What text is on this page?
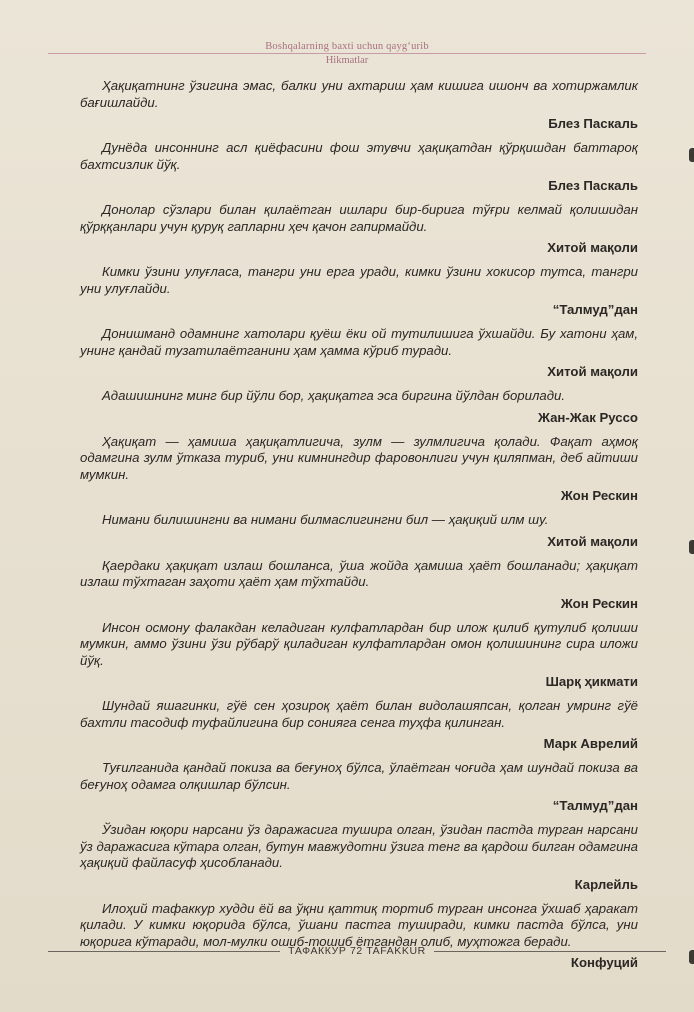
Boshqalarning baxti uchun qayg‘urib
Hikmatlar
Ҳақиқатнинг ўзигина эмас, балки уни ахтариш ҳам кишига ишонч ва хотиржамлик бағишлайди.
Блез Паскаль
Дунёда инсоннинг асл қиёфасини фош этувчи ҳақиқатдан қўрқишдан баттароқ бахтсизлик йўқ.
Блез Паскаль
Донолар сўзлари билан қилаётган ишлари бир-бирига тўғри келмай қолишидан қўрққанлари учун қуруқ гапларни ҳеч қачон гапирмайди.
Хитой мақоли
Кимки ўзини улуғласа, тангри уни ерга уради, кимки ўзини хокисор тутса, тангри уни улуғлайди.
“Талмуд”дан
Донишманд одамнинг хатолари қуёш ёки ой тутилишига ўхшайди. Бу хатони ҳам, унинг қандай тузатилаётганини ҳам ҳамма кўриб туради.
Хитой мақоли
Адашишнинг минг бир йўли бор, ҳақиқатга эса биргина йўлдан борилади.
Жан-Жак Руссо
Ҳақиқат — ҳамиша ҳақиқатлигича, зулм — зулмлигича қолади. Фақат аҳмоқ одамгина зулм ўтказа туриб, уни кимнингдир фаровонлиги учун қиляпман, деб айтиши мумкин.
Жон Рескин
Нимани билишингни ва нимани билмаслигингни бил — ҳақиқий илм шу.
Хитой мақоли
Қаердаки ҳақиқат излаш бошланса, ўша жойда ҳамиша ҳаёт бошланади; ҳақиқат излаш тўхтаган заҳоти ҳаёт ҳам тўхтайди.
Жон Рескин
Инсон осмону фалакдан келадиган кулфатлардан бир илож қилиб қутулиб қолиши мумкин, аммо ўзини ўзи рўбарў қиладиган кулфатлардан омон қолишининг сира иложи йўқ.
Шарқ ҳикмати
Шундай яшагинки, гўё сен ҳозироқ ҳаёт билан видолашяпсан, қолган умринг гўё бахтли тасодиф туфайлигина бир сонияга сенга туҳфа қилинган.
Марк Аврелий
Туғилганида қандай покиза ва беғуноҳ бўлса, ўлаётган чоғида ҳам шундай покиза ва беғуноҳ одамга олқишлар бўлсин.
“Талмуд”дан
Ўзидан юқори нарсани ўз даражасига тушира олган, ўзидан пастда турган нарсани ўз даражасига кўтара олган, бутун мавжудотни ўзига тенг ва қардош билган одамгина ҳақиқий файласуф ҳисобланади.
Карлейль
Илоҳий тафаккур худди ёй ва ўқни қаттиқ тортиб турган инсонга ўхшаб ҳаракат қилади. У кимки юқорида бўлса, ўшани пастга туширади, кимки пастда бўлса, уни юқорига кўтаради, мол-мулки ошиб-тошиб ётгандан олиб, муҳтожга беради.
Конфуций
ТАФАККУР 72 TAFAKKUR
